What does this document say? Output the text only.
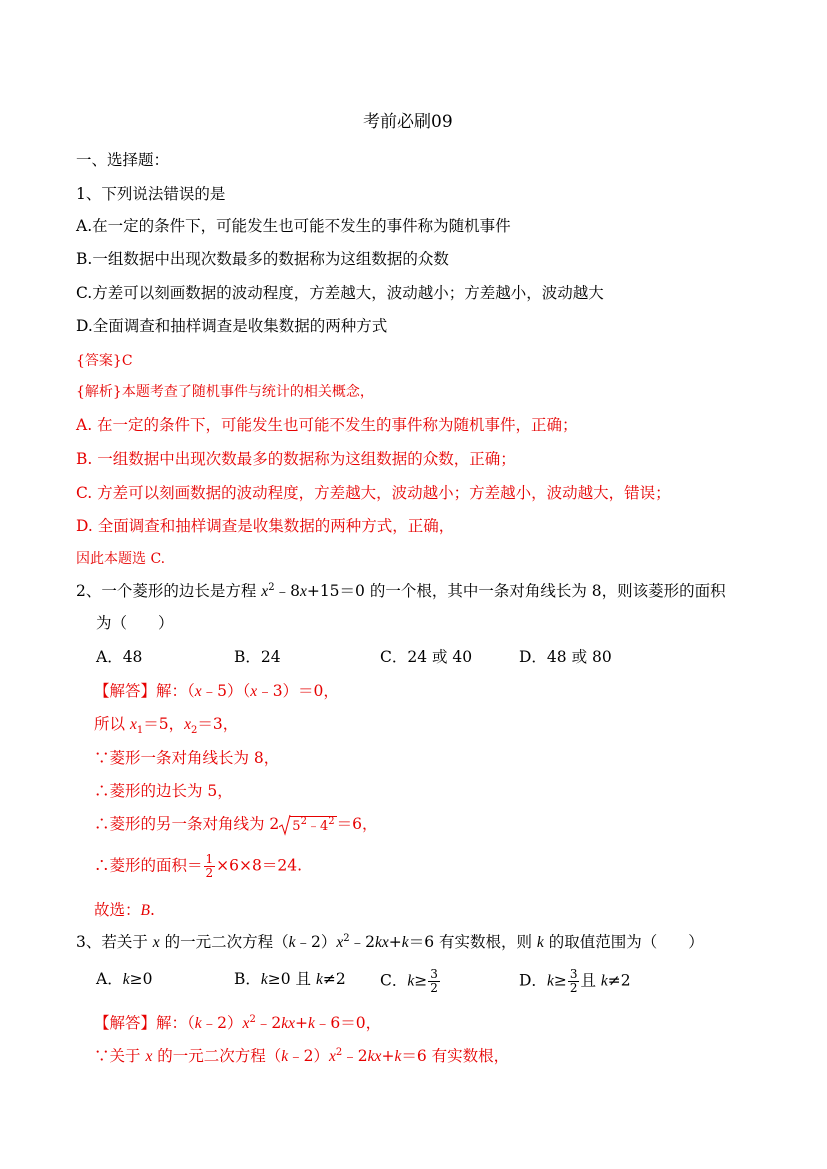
考前必刷09
一、选择题：
1、下列说法错误的是
A.在一定的条件下，可能发生也可能不发生的事件称为随机事件
B.一组数据中出现次数最多的数据称为这组数据的众数
C.方差可以刻画数据的波动程度，方差越大，波动越小；方差越小，波动越大
D.全面调查和抽样调查是收集数据的两种方式
{答案}C
{解析}本题考查了随机事件与统计的相关概念，
A. 在一定的条件下，可能发生也可能不发生的事件称为随机事件，正确；
B. 一组数据中出现次数最多的数据称为这组数据的众数，正确；
C. 方差可以刻画数据的波动程度，方差越大，波动越小；方差越小，波动越大，错误；
D. 全面调查和抽样调查是收集数据的两种方式，正确，
因此本题选 C.
2、一个菱形的边长是方程 $x^2﹣8x+15=0$ 的一个根，其中一条对角线长为 8，则该菱形的面积
为（　　）
A．48	B．24	C．24 或 40	D．48 或 80
【解答】解：（x﹣5）（x﹣3）＝0，
所以 $x_1=5$，$x_2=3$，
∵菱形一条对角线长为 8，
∴菱形的边长为 5，
∴菱形的另一条对角线为 2 $5^2﹣4^2 =6$，
∴菱形的面积＝ $\frac{1}{2} \times 6\times 8=24$.
故选：B.
3、若关于 x 的一元二次方程$(k﹣2)x^2﹣2kx+k=6$ 有实数根，则 k 的取值范围为（　　）
A．k≥0	B．k≥0 且 k≠2 C．$k\ge \frac{3}{2}$	D．$k\ge \frac{3}{2}$ 且 k≠2
【解答】解：$(k﹣2)x^2﹣2kx+k﹣6=0$，
∵关于 x 的一元二次方程$(k﹣2)x^2﹣2kx+k=6$ 有实数根，
